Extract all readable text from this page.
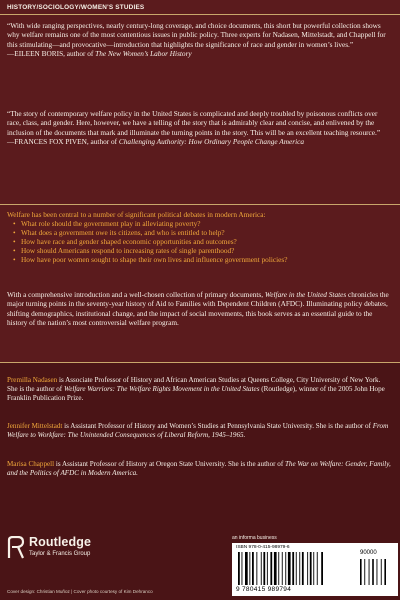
HISTORY/SOCIOLOGY/WOMEN'S STUDIES
“With wide ranging perspectives, nearly century-long coverage, and choice documents, this short but powerful collection shows why welfare remains one of the most contentious issues in public policy. Three experts for Nadasen, Mittelstadt, and Chappell for this stimulating—and provocative—introduction that highlights the significance of race and gender in women’s lives.”
—EILEEN BORIS, author of The New Women’s Labor History
“The story of contemporary welfare policy in the United States is complicated and deeply troubled by poisonous conflicts over race, class, and gender. Here, however, we have a telling of the story that is admirably clear and concise, and enlivened by the inclusion of the documents that mark and illuminate the turning points in the story. This will be an excellent teaching resource.”
—FRANCES FOX PIVEN, author of Challenging Authority: How Ordinary People Change America
Welfare has been central to a number of significant political debates in modern America:
• What role should the government play in alleviating poverty?
• What does a government owe its citizens, and who is entitled to help?
• How have race and gender shaped economic opportunities and outcomes?
• How should Americans respond to increasing rates of single parenthood?
• How have poor women sought to shape their own lives and influence government policies?
With a comprehensive introduction and a well-chosen collection of primary documents, Welfare in the United States chronicles the major turning points in the seventy-year history of Aid to Families with Dependent Children (AFDC). Illuminating policy debates, shifting demographics, institutional change, and the impact of social movements, this book serves as an essential guide to the history of the nation’s most controversial welfare program.
Premilla Nadasen is Associate Professor of History and African American Studies at Queens College, City University of New York. She is the author of Welfare Warriors: The Welfare Rights Movement in the United States (Routledge), winner of the 2005 John Hope Franklin Publication Prize.
Jennifer Mittelstadt is Assistant Professor of History and Women’s Studies at Pennsylvania State University. She is the author of From Welfare to Workfare: The Unintended Consequences of Liberal Reform, 1945–1965.
Marisa Chappell is Assistant Professor of History at Oregon State University. She is the author of The War on Welfare: Gender, Family, and the Politics of AFDC in Modern America.
Routledge
Taylor & Francis Group
an informa business
ISBN 978-0-415-98979-6
9 780415 989794
90000
Cover design: Christian Muñoz | Cover photo courtesy of Kim Dehranco
